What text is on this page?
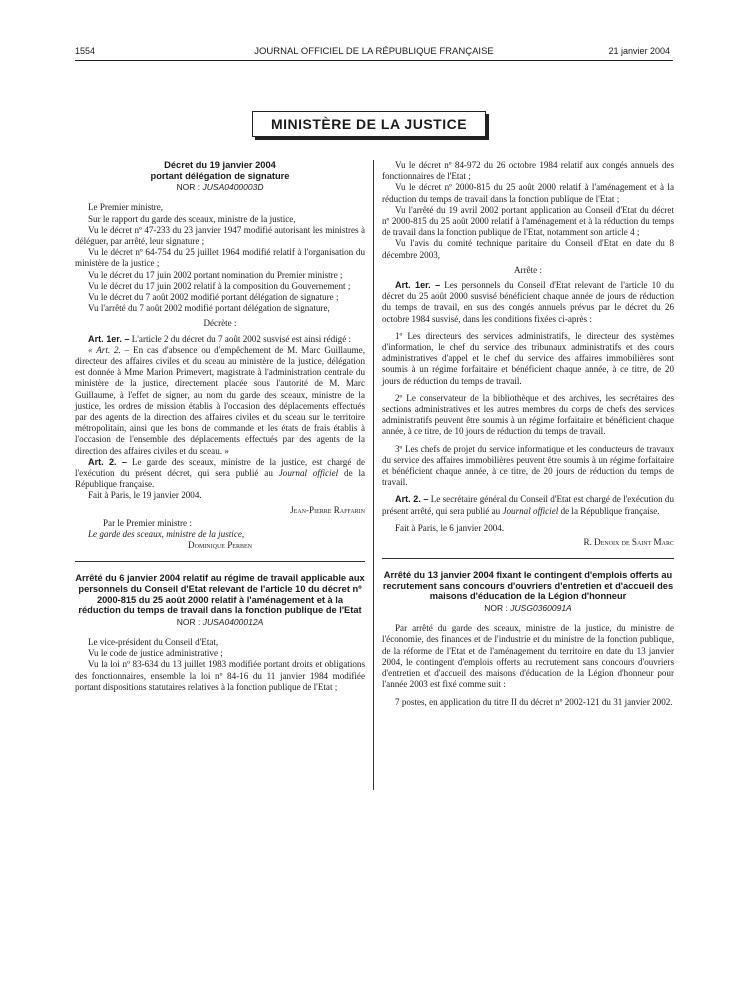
1554	JOURNAL OFFICIEL DE LA RÉPUBLIQUE FRANÇAISE	21 janvier 2004
MINISTÈRE DE LA JUSTICE

Décret du 19 janvier 2004

portant délégation de signature

NOR : JUSA0400003D

Le Premier ministre,

Sur le rapport du garde des sceaux, ministre de la justice,

Vu le décret nº 47-233 du 23 janvier 1947 modifié autorisant les ministres à déléguer, par arrêté, leur signature ;

Vu le décret nº 64-754 du 25 juillet 1964 modifié relatif à l'organisation du ministère de la justice ;

Vu le décret du 17 juin 2002 portant nomination du Premier ministre ;

Vu le décret du 17 juin 2002 relatif à la composition du Gouvernement ;

Vu le décret du 7 août 2002 modifié portant délégation de signature ;

Vu l'arrêté du 7 août 2002 modifié portant délégation de signature,

Décrète :

Art. 1er. – L'article 2 du décret du 7 août 2002 susvisé est ainsi rédigé :

« Art. 2. – En cas d'absence ou d'empêchement de M. Marc Guillaume, directeur des affaires civiles et du sceau au ministère de la justice, délégation est donnée à Mme Marion Primevert, magistrate à l'administration centrale du ministère de la justice, directement placée sous l'autorité de M. Marc Guillaume, à l'effet de signer, au nom du garde des sceaux, ministre de la justice, les ordres de mission établis à l'occasion des déplacements effectués par des agents de la direction des affaires civiles et du sceau sur le territoire métropolitain, ainsi que les bons de commande et les états de frais établis à l'occasion de l'ensemble des déplacements effectués par des agents de la direction des affaires civiles et du sceau. »

Art. 2. – Le garde des sceaux, ministre de la justice, est chargé de l'exécution du présent décret, qui sera publié au Journal officiel de la République française.

Fait à Paris, le 19 janvier 2004.

Jean-Pierre Raffarin

Par le Premier ministre :

Le garde des sceaux, ministre de la justice,

Dominique Perben

Arrêté du 6 janvier 2004 relatif au régime de travail applicable aux personnels du Conseil d'Etat relevant de l'article 10 du décret nº 2000-815 du 25 août 2000 relatif à l'aménagement et à la réduction du temps de travail dans la fonction publique de l'Etat

NOR : JUSA0400012A

Le vice-président du Conseil d'Etat,

Vu le code de justice administrative ;

Vu la loi nº 83-634 du 13 juillet 1983 modifiée portant droits et obligations des fonctionnaires, ensemble la loi nº 84-16 du 11 janvier 1984 modifiée portant dispositions statutaires relatives à la fonction publique de l'Etat ;

Vu le décret nº 84-972 du 26 octobre 1984 relatif aux congés annuels des fonctionnaires de l'Etat ;

Vu le décret nº 2000-815 du 25 août 2000 relatif à l'aménagement et à la réduction du temps de travail dans la fonction publique de l'Etat ;

Vu l'arrêté du 19 avril 2002 portant application au Conseil d'Etat du décret nº 2000-815 du 25 août 2000 relatif à l'aménagement et à la réduction du temps de travail dans la fonction publique de l'Etat, notamment son article 4 ;

Vu l'avis du comité technique paritaire du Conseil d'Etat en date du 8 décembre 2003,

Arrête :

Art. 1er. – Les personnels du Conseil d'Etat relevant de l'article 10 du décret du 25 août 2000 susvisé bénéficient chaque année de jours de réduction du temps de travail, en sus des congés annuels prévus par le décret du 26 octobre 1984 susvisé, dans les conditions fixées ci-après :

1º Les directeurs des services administratifs, le directeur des systèmes d'information, le chef du service des tribunaux administratifs et des cours administratives d'appel et le chef du service des affaires immobilières sont soumis à un régime forfaitaire et bénéficient chaque année, à ce titre, de 20 jours de réduction du temps de travail.

2º Le conservateur de la bibliothèque et des archives, les secrétaires des sections administratives et les autres membres du corps de chefs des services administratifs peuvent être soumis à un régime forfaitaire et bénéficient chaque année, à ce titre, de 10 jours de réduction du temps de travail.

3º Les chefs de projet du service informatique et les conducteurs de travaux du service des affaires immobilières peuvent être soumis à un régime forfaitaire et bénéficient chaque année, à ce titre, de 20 jours de réduction du temps de travail.

Art. 2. – Le secrétaire général du Conseil d'Etat est chargé de l'exécution du présent arrêté, qui sera publié au Journal officiel de la République française.

Fait à Paris, le 6 janvier 2004.

R. Denoix de Saint Marc

Arrêté du 13 janvier 2004 fixant le contingent d'emplois offerts au recrutement sans concours d'ouvriers d'entretien et d'accueil des maisons d'éducation de la Légion d'honneur

NOR : JUSG0360091A

Par arrêté du garde des sceaux, ministre de la justice, du ministre de l'économie, des finances et de l'industrie et du ministre de la fonction publique, de la réforme de l'Etat et de l'aménagement du territoire en date du 13 janvier 2004, le contingent d'emplois offerts au recrutement sans concours d'ouvriers d'entretien et d'accueil des maisons d'éducation de la Légion d'honneur pour l'année 2003 est fixé comme suit :

7 postes, en application du titre II du décret nº 2002-121 du 31 janvier 2002.
